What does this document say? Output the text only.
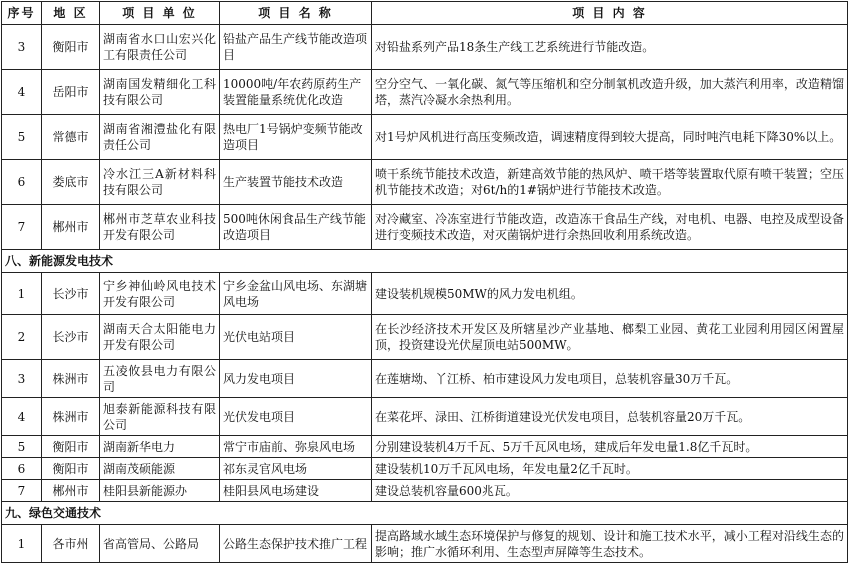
序号	地 区	项 目 单 位	项 目 名 称	项 目 内 容
3	衡阳市	湖南省水口山宏兴化工有限责任公司	铅盐产品生产线节能改造项目	对铅盐系列产品18条生产线工艺系统进行节能改造。
4	岳阳市	湖南国发精细化工科技有限公司	10000吨/年农药原药生产装置能量系统优化改造	空分空气、一氧化碳、氮气等压缩机和空分制氧机改造升级，加大蒸汽利用率，改造精馏塔，蒸汽冷凝水余热利用。
5	常德市	湖南省湘澧盐化有限责任公司	热电厂1号锅炉变频节能改造项目	对1号炉风机进行高压变频改造，调速精度得到较大提高，同时吨汽电耗下降30%以上。
6	娄底市	冷水江三A新材料科技有限公司	生产装置节能技术改造	喷干系统节能技术改造，新建高效节能的热风炉、喷干塔等装置取代原有喷干装置；空压机节能技术改造；对6t/h的1#锅炉进行节能技术改造。
7	郴州市	郴州市芝草农业科技开发有限公司	500吨休闲食品生产线节能改造项目	对冷藏室、冷冻室进行节能改造，改造冻干食品生产线，对电机、电器、电控及成型设备进行变频技术改造，对灭菌锅炉进行余热回收利用系统改造。
八、新能源发电技术				
1	长沙市	宁乡神仙岭风电技术开发有限公司	宁乡金盆山风电场、东湖塘风电场	建设装机规模50MW的风力发电机组。
2	长沙市	湖南天合太阳能电力开发有限公司	光伏电站项目	在长沙经济技术开发区及所辖星沙产业基地、榔梨工业园、黄花工业园利用园区闲置屋顶，投资建设光伏屋顶电站500MW。
3	株洲市	五凌攸县电力有限公司	风力发电项目	在莲塘坳、丫江桥、柏市建设风力发电项目，总装机容量30万千瓦。
4	株洲市	旭泰新能源科技有限公司	光伏发电项目	在菜花坪、渌田、江桥街道建设光伏发电项目，总装机容量20万千瓦。
5	衡阳市	湖南新华电力	常宁市庙前、弥泉风电场	分别建设装机4万千瓦、5万千瓦风电场，建成后年发电量1.8亿千瓦时。
6	衡阳市	湖南茂硕能源	祁东灵官风电场	建设装机10万千瓦风电场，年发电量2亿千瓦时。
7	郴州市	桂阳县新能源办	桂阳县风电场建设	建设总装机容量600兆瓦。
九、绿色交通技术				
1	各市州	省高管局、公路局	公路生态保护技术推广工程	提高路域水域生态环境保护与修复的规划、设计和施工技术水平，减小工程对沿线生态的影响；推广水循环利用、生态型声屏障等生态技术。
